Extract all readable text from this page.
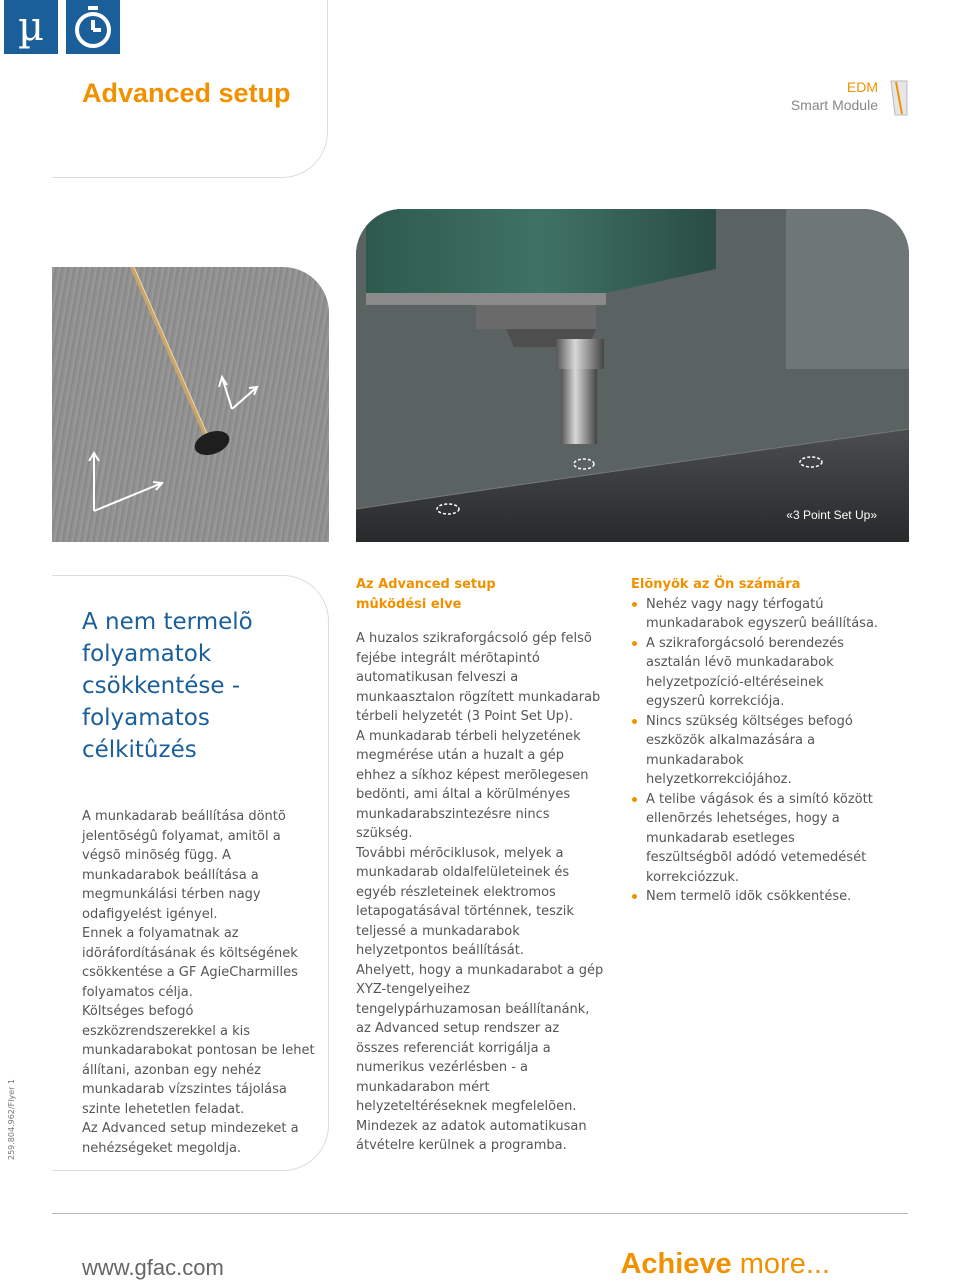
µ
Advanced setup	EDM
Smart Module
«3 Point Set Up»
A nem termelõ folyamatok csökkentése - folyamatos célkitûzés

A munkadarab beállítása döntõ jelentõségû folyamat, amitõl a végsõ minõség függ. A munkadarabok beállítása a megmunkálási térben nagy odafigyelést igényel.

Ennek a folyamatnak az idõráfordításának és költségének csökkentése a GF AgieCharmilles folyamatos célja.

Költséges befogó eszközrendszerekkel a kis munkadarabokat pontosan be lehet állítani, azonban egy nehéz munkadarab vízszintes tájolása szinte lehetetlen feladat.

Az Advanced setup mindezeket a nehézségeket megoldja.

259.804.962/Flyer 1
Az Advanced setup
mûködési elve

A huzalos szikraforgácsoló gép felsõ fejébe integrált mérõtapintó automatikusan felveszi a munkaasztalon rögzített munkadarab térbeli helyzetét (3 Point Set Up).

A munkadarab térbeli helyzetének megmérése után a huzalt a gép ehhez a síkhoz képest merõlegesen bedönti, ami által a körülményes munkadarabszintezésre nincs szükség.

További mérõciklusok, melyek a munkadarab oldalfelületeinek és egyéb részleteinek elektromos letapogatásával történnek, teszik teljessé a munkadarabok helyzetpontos beállítását.

Ahelyett, hogy a munkadarabot a gép XYZ-tengelyeihez tengelypárhuzamosan beállítanánk, az Advanced setup rendszer az összes referenciát korrigálja a numerikus vezérlésben - a munkadarabon mért helyzeteltéréseknek megfelelõen.

Mindezek az adatok automatikusan átvételre kerülnek a programba.

Elõnyök az Ön számára
Nehéz vagy nagy térfogatú munkadarabok egyszerû beállítása.
A szikraforgácsoló berendezés asztalán lévõ munkadarabok helyzetpozíció-eltéréseinek egyszerû korrekciója.
Nincs szükség költséges befogó eszközök alkalmazására a munkadarabok helyzetkorrekciójához.
A telibe vágások és a simító között ellenõrzés lehetséges, hogy a munkadarab esetleges feszültségbõl adódó vetemedését korrekciózzuk.
Nem termelõ idõk csökkentése.
www.gfac.com	Achieve more...
